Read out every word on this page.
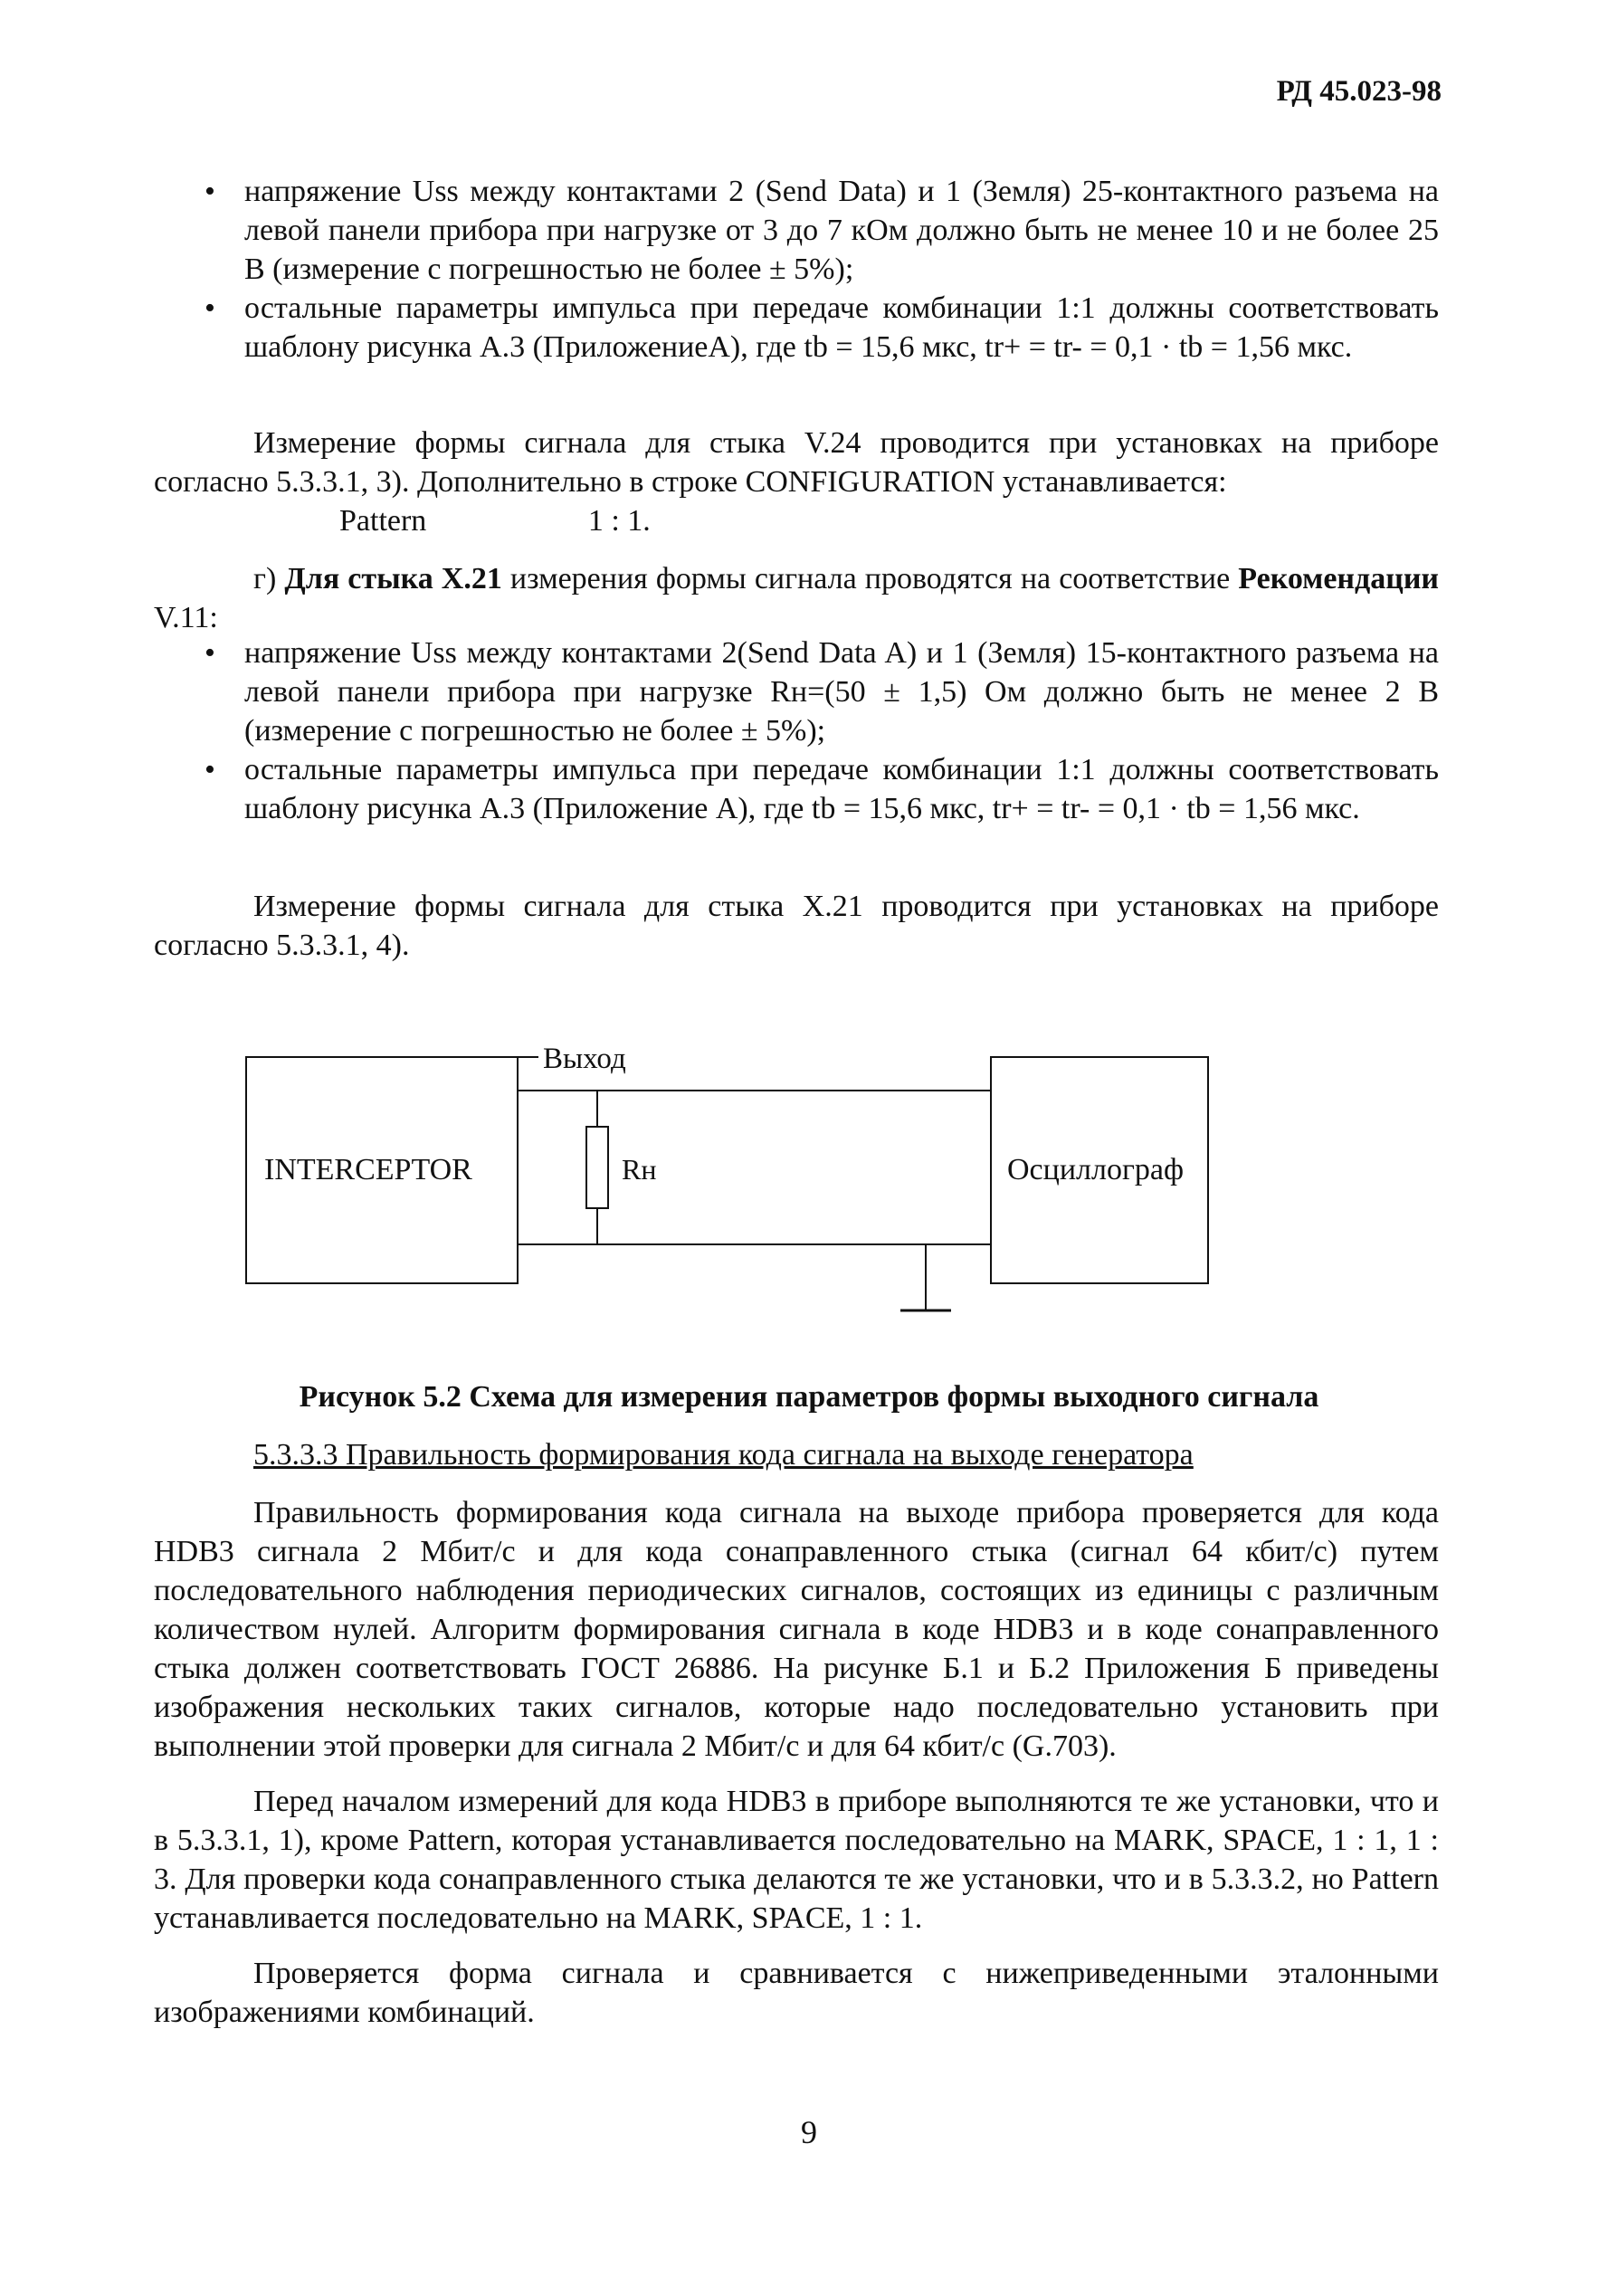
РД 45.023-98
• напряжение Uss между контактами 2 (Send Data) и 1 (Земля) 25-контактного разъема на левой панели прибора при нагрузке от 3 до 7 кОм должно быть не менее 10 и не более 25 В (измерение с погрешностью не более ± 5%);
• остальные параметры импульса при передаче комбинации 1:1 должны соответствовать шаблону рисунка А.3 (ПриложениеА), где tb = 15,6 мкс, tr+ = tr- = 0,1 · tb = 1,56 мкс.

Измерение формы сигнала для стыка V.24 проводится при установках на приборе согласно 5.3.3.1, 3). Дополнительно в строке CONFIGURATION устанавливается:

Pattern	1 : 1.

г) Для стыка Х.21 измерения формы сигнала проводятся на соответствие Рекомендации V.11:

• напряжение Uss между контактами 2(Send Data A) и 1 (Земля) 15-контактного разъема на левой панели прибора при нагрузке Rн=(50 ± 1,5) Ом должно быть не менее 2 В (измерение с погрешностью не более ± 5%);
• остальные параметры импульса при передаче комбинации 1:1 должны соответствовать шаблону рисунка А.3 (Приложение А), где tb = 15,6 мкс, tr+ = tr- = 0,1 · tb = 1,56 мкс.

Измерение формы сигнала для стыка Х.21 проводится при установках на приборе согласно 5.3.3.1, 4).

Выход
INTERCEPTOR	Rн	Осциллограф
Рисунок 5.2 Схема для измерения параметров формы выходного сигнала
5.3.3.3 Правильность формирования кода сигнала на выходе генератора

Правильность формирования кода сигнала на выходе прибора проверяется для кода HDB3 сигнала 2 Мбит/с и для кода сонаправленного стыка (сигнал 64 кбит/с) путем последовательного наблюдения периодических сигналов, состоящих из единицы с различным количеством нулей. Алгоритм формирования сигнала в коде HDB3 и в коде сонаправленного стыка должен соответствовать ГОСТ 26886. На рисунке Б.1 и Б.2 Приложения Б приведены изображения нескольких таких сигналов, которые надо последовательно установить при выполнении этой проверки для сигнала 2 Мбит/с и для 64 кбит/с (G.703).

Перед началом измерений для кода HDB3 в приборе выполняются те же установки, что и в 5.3.3.1, 1), кроме Pattern, которая устанавливается последовательно на MARK, SPACE, 1 : 1, 1 : 3. Для проверки кода сонаправленного стыка делаются те же установки, что и в 5.3.3.2, но Pattern устанавливается последовательно на MARK, SPACE, 1 : 1.

Проверяется форма сигнала и сравнивается с нижеприведенными эталонными изображениями комбинаций.

9
